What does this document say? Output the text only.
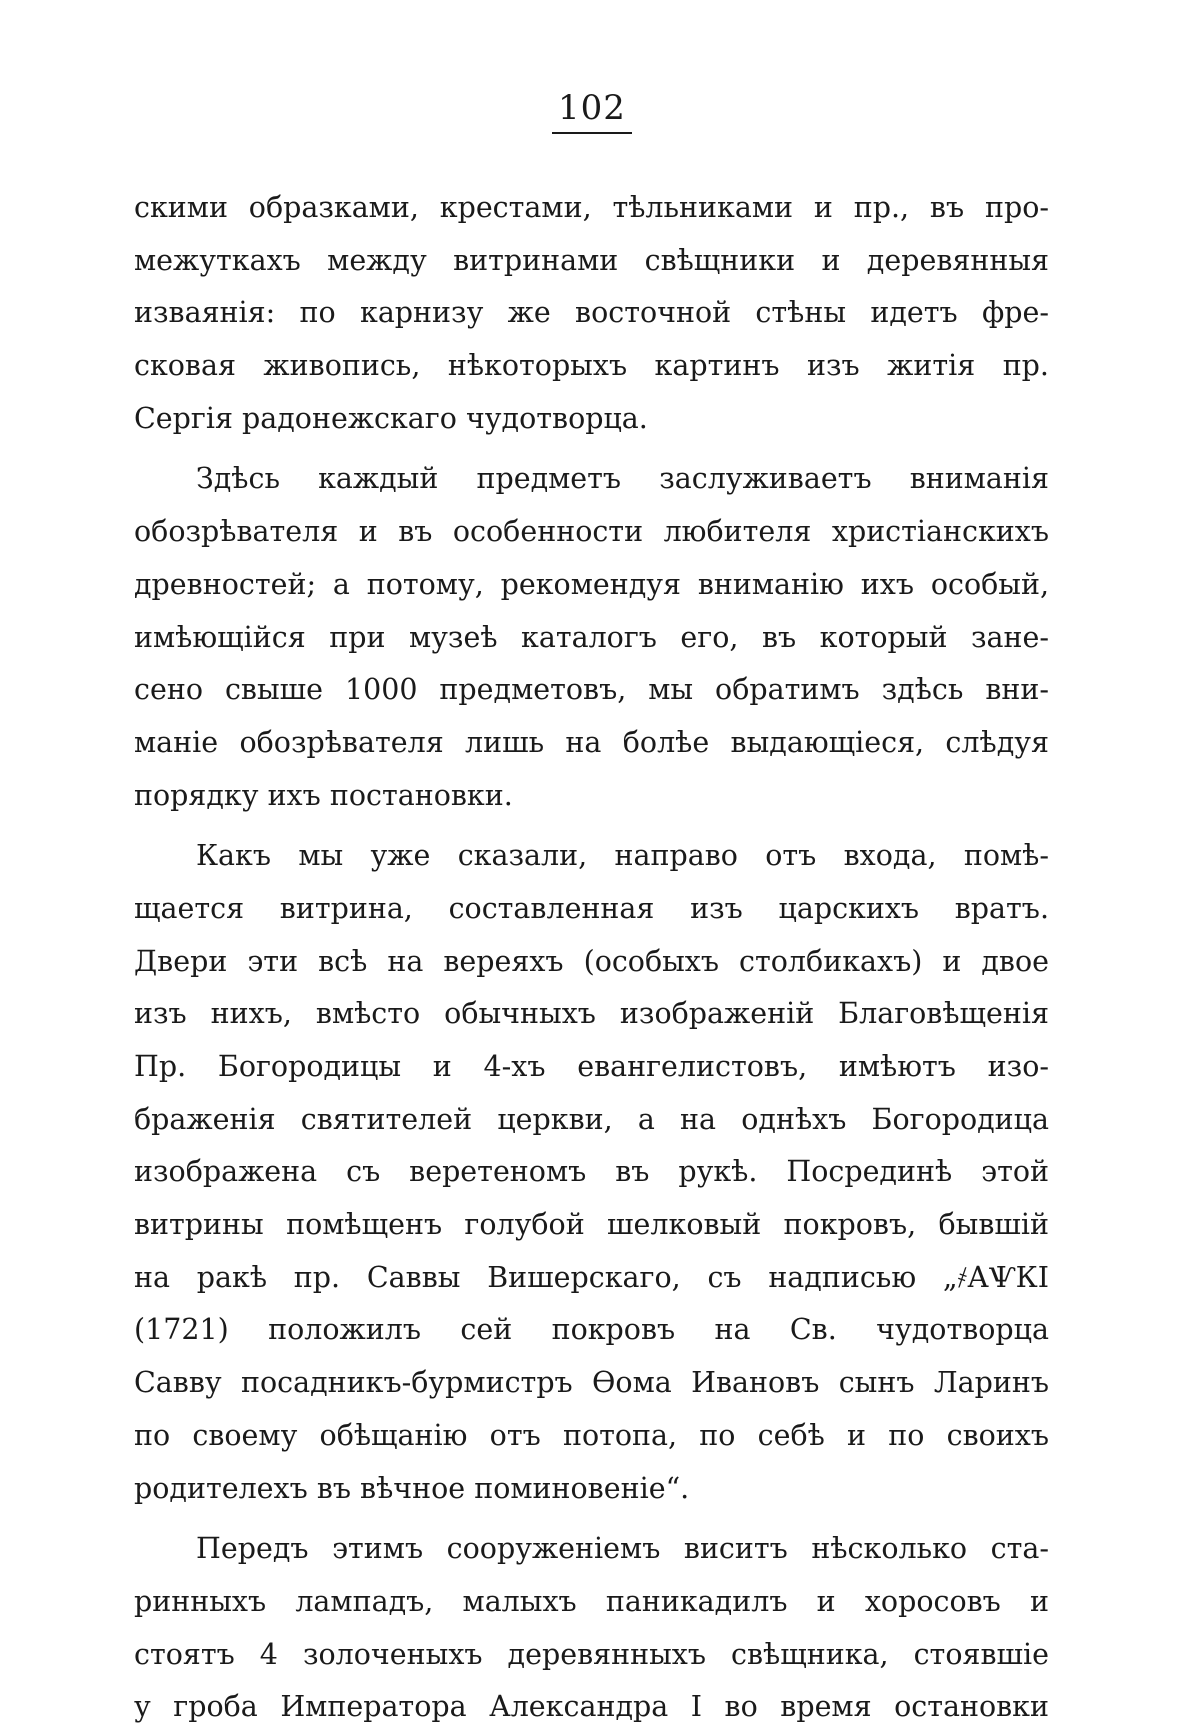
102
скими образками, крестами, тѣльниками и пр., въ про-
межуткахъ между витринами свѣщники и деревянныя
изваянія: по карнизу же восточной стѣны идетъ фре-
сковая живопись, нѣкоторыхъ картинъ изъ житія пр.
Сергія радонежскаго чудотворца.
Здѣсь каждый предметъ заслуживаетъ вниманія
обозрѣвателя и въ особенности любителя христіанскихъ
древностей; а потому, рекомендуя вниманію ихъ особый,
имѣющійся при музеѣ каталогъ его, въ который зане-
сено свыше 1000 предметовъ, мы обратимъ здѣсь вни-
маніе обозрѣвателя лишь на болѣе выдающіеся, слѣдуя
порядку ихъ постановки.
Какъ мы уже сказали, направо отъ входа, помѣ-
щается витрина, составленная изъ царскихъ вратъ.
Двери эти всѣ на вереяхъ (особыхъ столбикахъ) и двое
изъ нихъ, вмѣсто обычныхъ изображеній Благовѣщенія
Пр. Богородицы и 4-хъ евангелистовъ, имѣютъ изо-
браженія святителей церкви, а на однѣхъ Богородица
изображена съ веретеномъ въ рукѣ. Посрединѣ этой
витрины помѣщенъ голубой шелковый покровъ, бывшій
на ракѣ пр. Саввы Вишерскаго, съ надписью „҂АѰКІ
(1721) положилъ сей покровъ на Св. чудотворца
Савву посадникъ-бурмистръ Ѳома Ивановъ сынъ Ларинъ
по своему обѣщанію отъ потопа, по себѣ и по своихъ
родителехъ въ вѣчное поминовеніе“.
Передъ этимъ сооруженіемъ виситъ нѣсколько ста-
ринныхъ лампадъ, малыхъ паникадилъ и хоросовъ и
стоятъ 4 золоченыхъ деревянныхъ свѣщника, стоявшіе
у гроба Императора Александра I во время остановки
